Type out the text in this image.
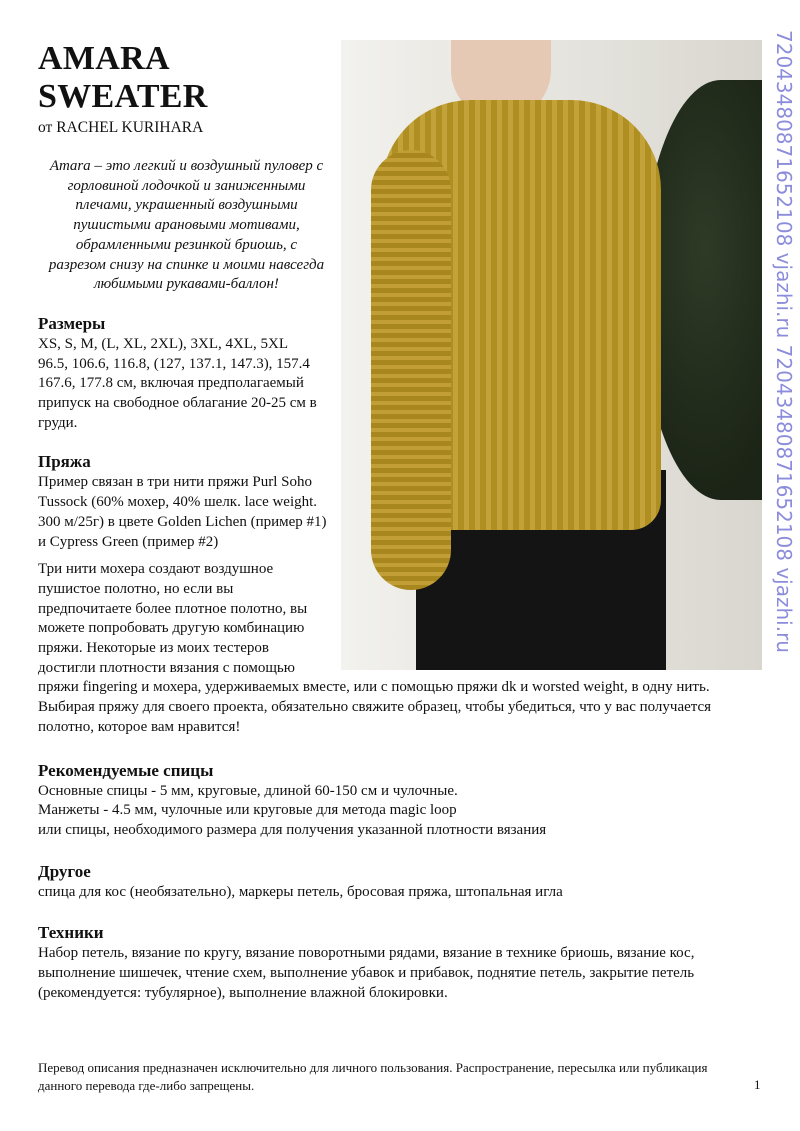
AMARA
SWEATER
от RACHEL KURIHARA

Amara – это легкий и воздушный пуловер с горловиной лодочкой и заниженными плечами, украшенный воздушными пушистыми арановыми мотивами, обрамленными резинкой бриошь, с разрезом снизу на спинке и моими навсегда любимыми рукавами-баллон!

Размеры

XS, S, M, (L, XL, 2XL), 3XL, 4XL, 5XL
96.5, 106.6, 116.8, (127, 137.1, 147.3), 157.4 167.6, 177.8 см, включая предполагаемый припуск на свободное облагание 20-25 см в груди.

Пряжа

Пример связан в три нити пряжи Purl Soho Tussock (60% мохер, 40% шелк. lace weight. 300 м/25г) в цвете Golden Lichen (пример #1) и Cypress Green (пример #2)

Три нити мохера создают воздушное пушистое полотно, но если вы предпочитаете более плотное полотно, вы можете попробовать другую комбинацию пряжи. Некоторые из моих тестеров достигли плотности вязания с помощью пряжи fingering и мохера, удерживаемых вместе, или с помощью пряжи dk и worsted weight, в одну нить. Выбирая пряжу для своего проекта, обязательно свяжите образец, чтобы убедиться, что у вас получается полотно, которое вам нравится!

Рекомендуемые спицы

Основные спицы - 5 мм, круговые, длиной 60-150 см и чулочные.
Манжеты - 4.5 мм, чулочные или круговые для метода magic loop
или спицы, необходимого размера для получения указанной плотности вязания

Другое

спица для кос (необязательно), маркеры петель, бросовая пряжа, штопальная игла

Техники

Набор петель, вязание по кругу, вязание поворотными рядами, вязание в технике бриошь, вязание кос, выполнение шишечек, чтение схем, выполнение убавок и прибавок, поднятие петель, закрытие петель (рекомендуется: тубулярное), выполнение влажной блокировки.

Перевод описания предназначен исключительно для личного пользования. Распространение, пересылка или публикация данного перевода где-либо запрещены.	1
72043480871652108 vjazhi.ru 72043480871652108 vjazhi.ru
